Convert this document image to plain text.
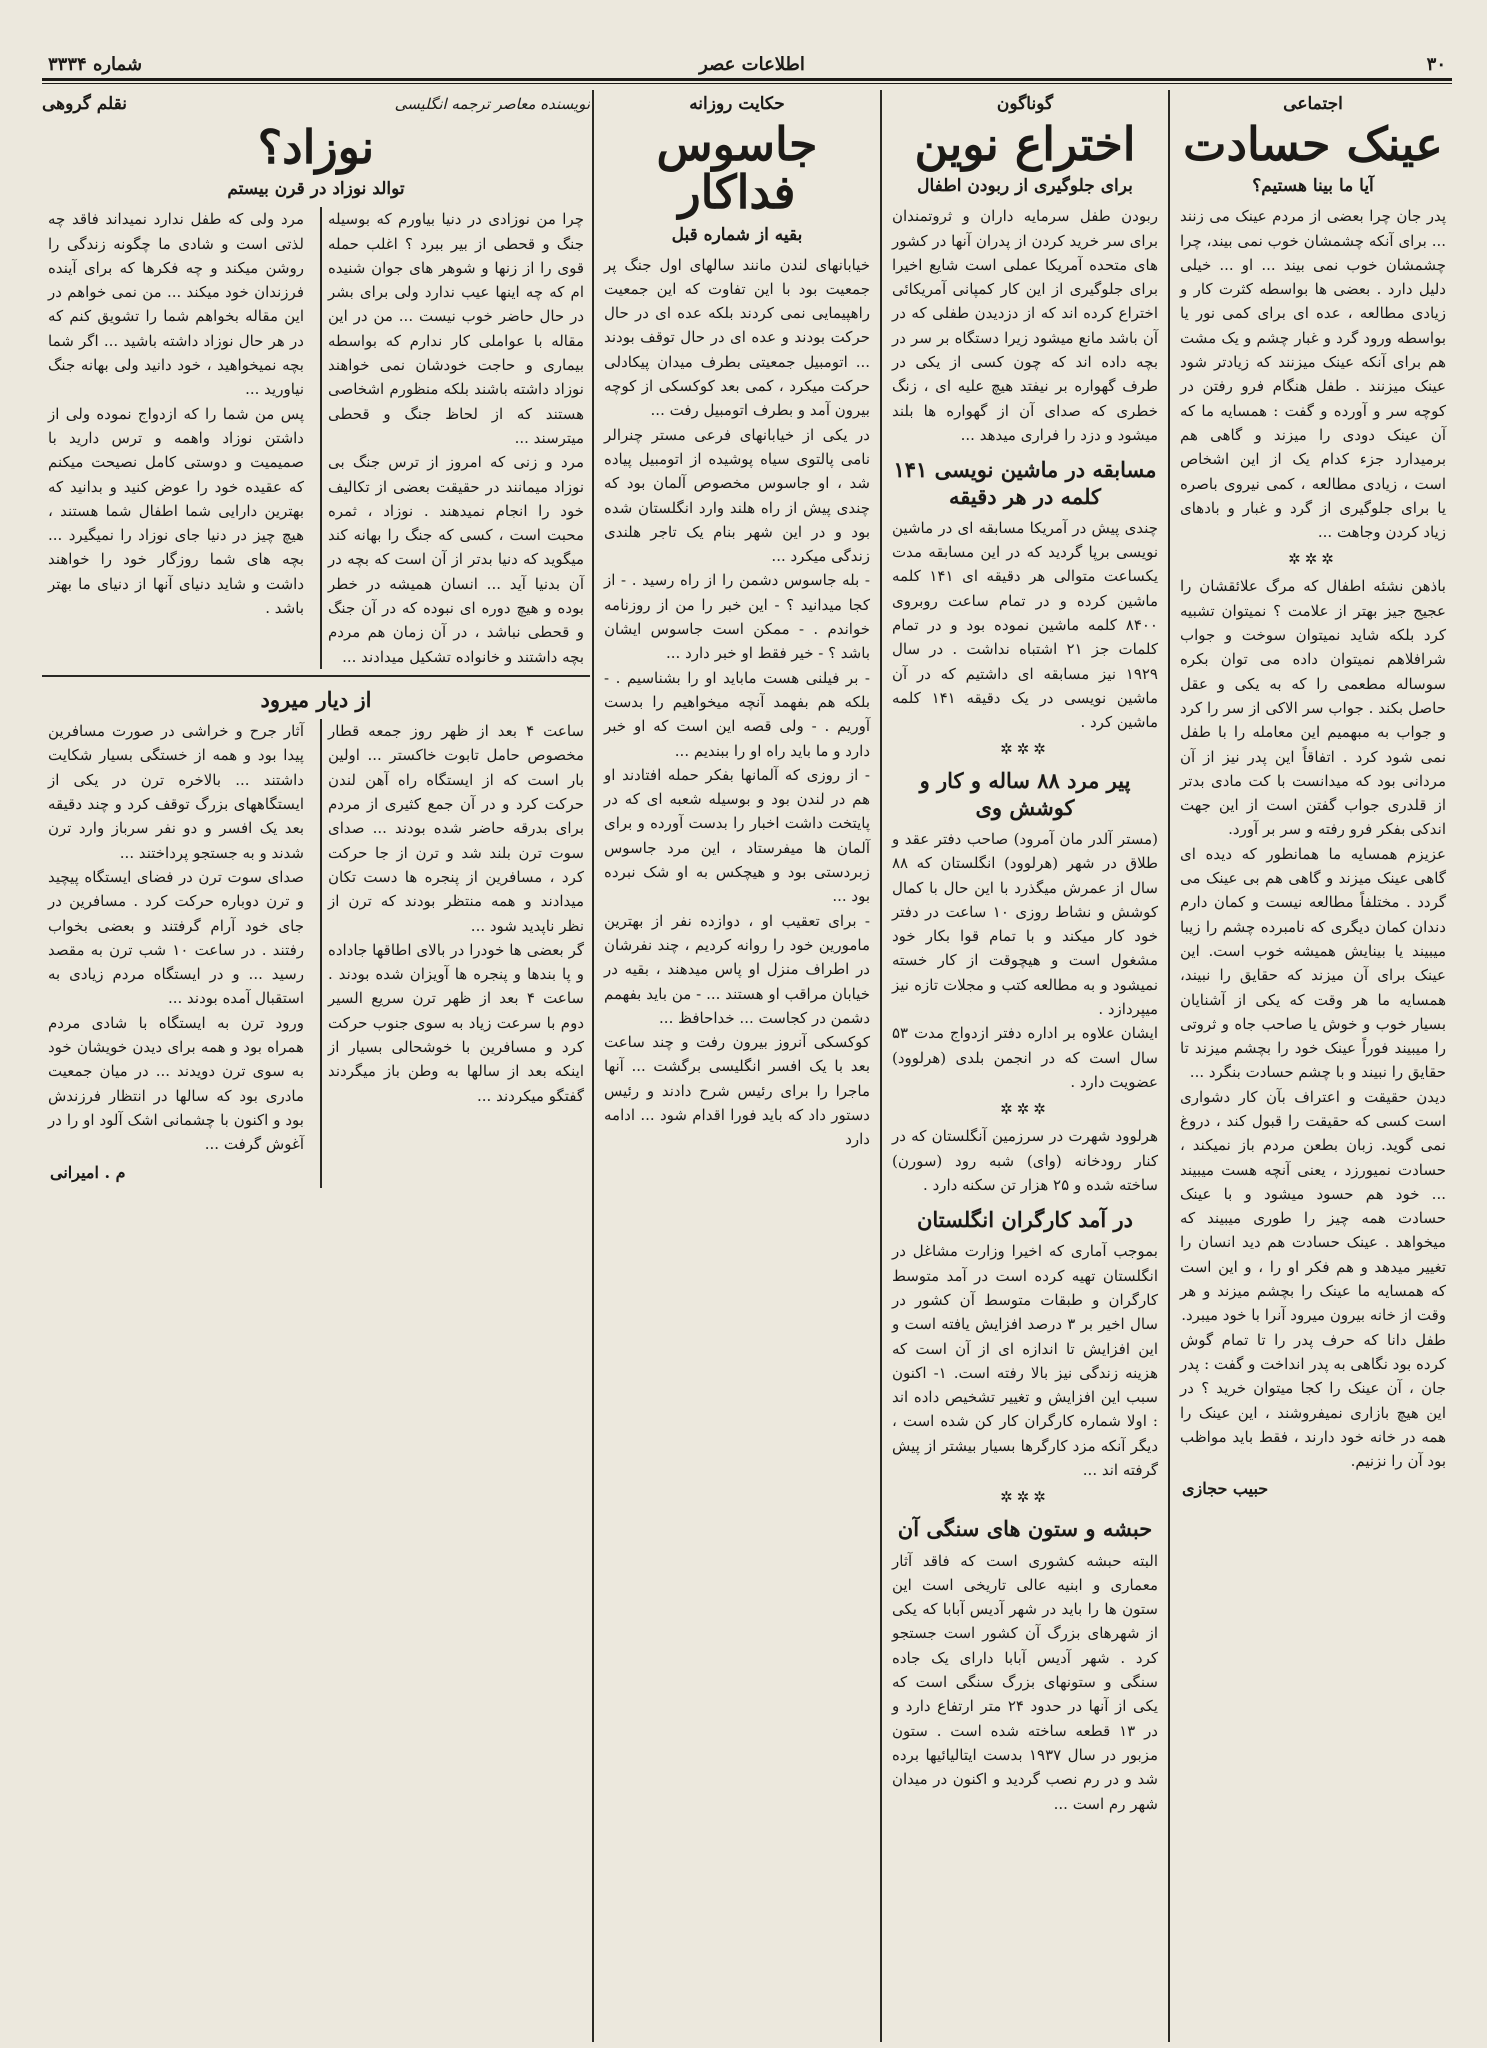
۳۰
اطلاعات عصر
شماره ۳۳۳۴
اجتماعی
عینک حسادت
آیا ما بینا هستیم؟
پدر جان چرا بعضی از مردم عینک می زنند ... برای آنکه چشمشان خوب نمی بیند، چرا چشمشان خوب نمی بیند ... او ... خیلی دلیل دارد . بعضی ها بواسطه کثرت کار و زیادی مطالعه ، عده ای برای کمی نور یا بواسطه ورود گرد و غبار چشم و یک مشت هم برای آنکه عینک میزنند که زیادتر شود عینک میزنند . طفل هنگام فرو رفتن در کوچه سر و آورده و گفت : همسایه ما که آن عینک دودی را میزند و گاهی هم برمیدارد جزء کدام یک از این اشخاص است ، زیادی مطالعه ، کمی نیروی باصره یا برای جلوگیری از گرد و غبار و بادهای زیاد کردن وجاهت ...
✲✲✲
باذهن نشئه اطفال که مرگ علائقشان را عجیج جیز بهتر از علامت ؟ نمیتوان تشبیه کرد بلکه شاید نمیتوان سوخت و جواب شرافلاهم نمیتوان داده می توان بکره سوساله مطعمی را که به یکی و عقل حاصل بکند . جواب سر الاکی از سر را کرد و جواب به مبهمیم این معامله را با طفل نمی شود کرد . اتفاقاً این پدر نیز از آن مردانی بود که میدانست با کت مادی بدتر از قلدری جواب گفتن است از این جهت اندکی بفکر فرو رفته و سر بر آورد.
عزیزم همسایه ما همانطور که دیده ای گاهی عینک میزند و گاهی هم بی عینک می گردد . مختلفاً مطالعه نیست و کمان دارم دندان کمان دیگری که نامبرده چشم را زیبا میبیند یا بینایش همیشه خوب است. این عینک برای آن میزند که حقایق را نبیند، همسایه ما هر وقت که یکی از آشنایان بسیار خوب و خوش یا صاحب جاه و ثروتی را میبیند فوراً عینک خود را بچشم میزند تا حقایق را نبیند و با چشم حسادت بنگرد ...
دیدن حقیقت و اعتراف بآن کار دشواری است کسی که حقیقت را قبول کند ، دروغ نمی گوید. زبان بطعن مردم باز نمیکند ، حسادت نمیورزد ، یعنی آنچه هست میبیند ... خود هم حسود میشود و با عینک حسادت همه چیز را طوری میبیند که میخواهد . عینک حسادت هم دید انسان را تغییر میدهد و هم فکر او را ، و این است که همسایه ما عینک را بچشم میزند و هر وقت از خانه بیرون میرود آنرا با خود میبرد.
طفل دانا که حرف پدر را تا تمام گوش کرده بود نگاهی به پدر انداخت و گفت : پدر جان ، آن عینک را کجا میتوان خرید ؟ در این هیچ بازاری نمیفروشند ، این عینک را همه در خانه خود دارند ، فقط باید مواظب بود آن را نزنیم.
حبیب حجازی
گوناگون
اختراع نوین
برای جلوگیری از ربودن اطفال
ربودن طفل سرمایه داران و ثروتمندان برای سر خرید کردن از پدران آنها در کشور های متحده آمریکا عملی است شایع اخیرا برای جلوگیری از این کار کمپانی آمریکائی اختراع کرده اند که از دزدیدن طفلی که در آن باشد مانع میشود زیرا دستگاه بر سر در بچه داده اند که چون کسی از یکی در طرف گهواره بر نیفتد هیچ علیه ای ، زنگ خطری که صدای آن از گهواره ها بلند میشود و دزد را فراری میدهد ...
مسابقه در ماشین نویسی ۱۴۱ کلمه در هر دقیقه
چندی پیش در آمریکا مسابقه ای در ماشین نویسی برپا گردید که در این مسابقه مدت یکساعت متوالی هر دقیقه ای ۱۴۱ کلمه ماشین کرده و در تمام ساعت روبروی ۸۴۰۰ کلمه ماشین نموده بود و در تمام کلمات جز ۲۱ اشتباه نداشت . در سال ۱۹۲۹ نیز مسابقه ای داشتیم که در آن ماشین نویسی در یک دقیقه ۱۴۱ کلمه ماشین کرد .
✲✲✲
پیر مرد ۸۸ ساله و کار و کوشش وی
(مستر آلدر مان آمرود) صاحب دفتر عقد و طلاق در شهر (هرلوود) انگلستان که ۸۸ سال از عمرش میگذرد با این حال با کمال کوشش و نشاط روزی ۱۰ ساعت در دفتر خود کار میکند و با تمام قوا بکار خود مشغول است و هیچوقت از کار خسته نمیشود و به مطالعه کتب و مجلات تازه نیز میپردازد .
ایشان علاوه بر اداره دفتر ازدواج مدت ۵۳ سال است که در انجمن بلدی (هرلوود) عضویت دارد .
✲✲✲
هرلوود شهرت در سرزمین آنگلستان که در کنار رودخانه (وای) شبه رود (سورن) ساخته شده و ۲۵ هزار تن سکنه دارد .
در آمد کارگران انگلستان
بموجب آماری که اخیرا وزارت مشاغل در انگلستان تهیه کرده است در آمد متوسط کارگران و طبقات متوسط آن کشور در سال اخیر بر ۳ درصد افزایش یافته است و این افزایش تا اندازه ای از آن است که هزینه زندگی نیز بالا رفته است. ۱- اکنون سبب این افزایش و تغییر تشخیص داده اند : اولا شماره کارگران کار کن شده است ، دیگر آنکه مزد کارگرها بسیار بیشتر از پیش گرفته اند ...
✲✲✲
حبشه و ستون های سنگی آن
البته حبشه کشوری است که فاقد آثار معماری و ابنیه عالی تاریخی است این ستون ها را باید در شهر آدیس آبابا که یکی از شهرهای بزرگ آن کشور است جستجو کرد . شهر آدیس آبابا دارای یک جاده سنگی و ستونهای بزرگ سنگی است که یکی از آنها در حدود ۲۴ متر ارتفاع دارد و در ۱۳ قطعه ساخته شده است . ستون مزبور در سال ۱۹۳۷ بدست ایتالیائیها برده شد و در رم نصب گردید و اکنون در میدان شهر رم است ...
حکایت روزانه
جاسوس فداکار
بقیه از شماره قبل
خیابانهای لندن مانند سالهای اول جنگ پر جمعیت بود با این تفاوت که این جمعیت راهپیمایی نمی کردند بلکه عده ای در حال حرکت بودند و عده ای در حال توقف بودند ... اتومبیل جمعیتی بطرف میدان پیکادلی حرکت میکرد ، کمی بعد کوکسکی از کوچه بیرون آمد و بطرف اتومبیل رفت ...
در یکی از خیابانهای فرعی مستر چنرالر نامی پالتوی سیاه پوشیده از اتومبیل پیاده شد ، او جاسوس مخصوص آلمان بود که چندی پیش از راه هلند وارد انگلستان شده بود و در این شهر بنام یک تاجر هلندی زندگی میکرد ...
- بله جاسوس دشمن را از راه رسید . - از کجا میدانید ؟ - این خبر را من از روزنامه خواندم . - ممکن است جاسوس ایشان باشد ؟ - خیر فقط او خبر دارد ...
- بر فیلنی هست ماباید او را بشناسیم . - بلکه هم بفهمد آنچه میخواهیم را بدست آوریم . - ولی قصه این است که او خبر دارد و ما باید راه او را ببندیم ...
- از روزی که آلمانها بفکر حمله افتادند او هم در لندن بود و بوسیله شعبه ای که در پایتخت داشت اخبار را بدست آورده و برای آلمان ها میفرستاد ، این مرد جاسوس زبردستی بود و هیچکس به او شک نبرده بود ...
- برای تعقیب او ، دوازده نفر از بهترین مامورین خود را روانه کردیم ، چند نفرشان در اطراف منزل او پاس میدهند ، بقیه در خیابان مراقب او هستند ... - من باید بفهمم دشمن در کجاست ... خداحافظ ...
کوکسکی آنروز بیرون رفت و چند ساعت بعد با یک افسر انگلیسی برگشت ... آنها ماجرا را برای رئیس شرح دادند و رئیس دستور داد که باید فورا اقدام شود ... ادامه دارد
نویسنده معاصر ترجمه انگلیسی
نقلم گروهی
نوزاد؟
توالد نوزاد در قرن بیستم
چرا من نوزادی در دنیا بیاورم که بوسیله جنگ و قحطی از بیر ببرد ؟ اغلب حمله قوی را از زنها و شوهر های جوان شنیده ام که چه اینها عیب ندارد ولی برای بشر در حال حاضر خوب نیست ... من در این مقاله با عواملی کار ندارم که بواسطه بیماری و حاجت خودشان نمی خواهند نوزاد داشته باشند بلکه منظورم اشخاصی هستند که از لحاظ جنگ و قحطی میترسند ...
مرد و زنی که امروز از ترس جنگ بی نوزاد میمانند در حقیقت بعضی از تکالیف خود را انجام نمیدهند . نوزاد ، ثمره محبت است ، کسی که جنگ را بهانه کند میگوید که دنیا بدتر از آن است که بچه در آن بدنیا آید ... انسان همیشه در خطر بوده و هیچ دوره ای نبوده که در آن جنگ و قحطی نباشد ، در آن زمان هم مردم بچه داشتند و خانواده تشکیل میدادند ...
مرد ولی که طفل ندارد نمیداند فاقد چه لذتی است و شادی ما چگونه زندگی را روشن میکند و چه فکرها که برای آینده فرزندان خود میکند ... من نمی خواهم در این مقاله بخواهم شما را تشویق کنم که در هر حال نوزاد داشته باشید ... اگر شما بچه نمیخواهید ، خود دانید ولی بهانه جنگ نیاورید ...
پس من شما را که ازدواج نموده ولی از داشتن نوزاد واهمه و ترس دارید با صمیمیت و دوستی کامل نصیحت میکنم که عقیده خود را عوض کنید و بدانید که بهترین دارایی شما اطفال شما هستند ، هیچ چیز در دنیا جای نوزاد را نمیگیرد ... بچه های شما روزگار خود را خواهند داشت و شاید دنیای آنها از دنیای ما بهتر باشد .
از دیار میرود
ساعت ۴ بعد از ظهر روز جمعه قطار مخصوص حامل تابوت خاکستر ... اولین بار است که از ایستگاه راه آهن لندن حرکت کرد و در آن جمع کثیری از مردم برای بدرقه حاضر شده بودند ... صدای سوت ترن بلند شد و ترن از جا حرکت کرد ، مسافرین از پنجره ها دست تکان میدادند و همه منتظر بودند که ترن از نظر ناپدید شود ...
گر بعضی ها خودرا در بالای اطاقها جاداده و پا بندها و پنجره ها آویزان شده بودند . ساعت ۴ بعد از ظهر ترن سریع السیر دوم با سرعت زیاد به سوی جنوب حرکت کرد و مسافرین با خوشحالی بسیار از اینکه بعد از سالها به وطن باز میگردند گفتگو میکردند ...
آثار جرح و خراشی در صورت مسافرین پیدا بود و همه از خستگی بسیار شکایت داشتند ... بالاخره ترن در یکی از ایستگاههای بزرگ توقف کرد و چند دقیقه بعد یک افسر و دو نفر سرباز وارد ترن شدند و به جستجو پرداختند ...
صدای سوت ترن در فضای ایستگاه پیچید و ترن دوباره حرکت کرد . مسافرین در جای خود آرام گرفتند و بعضی بخواب رفتند . در ساعت ۱۰ شب ترن به مقصد رسید ... و در ایستگاه مردم زیادی به استقبال آمده بودند ...
ورود ترن به ایستگاه با شادی مردم همراه بود و همه برای دیدن خویشان خود به سوی ترن دویدند ... در میان جمعیت مادری بود که سالها در انتظار فرزندش بود و اکنون با چشمانی اشک آلود او را در آغوش گرفت ...
م . امیرانی
